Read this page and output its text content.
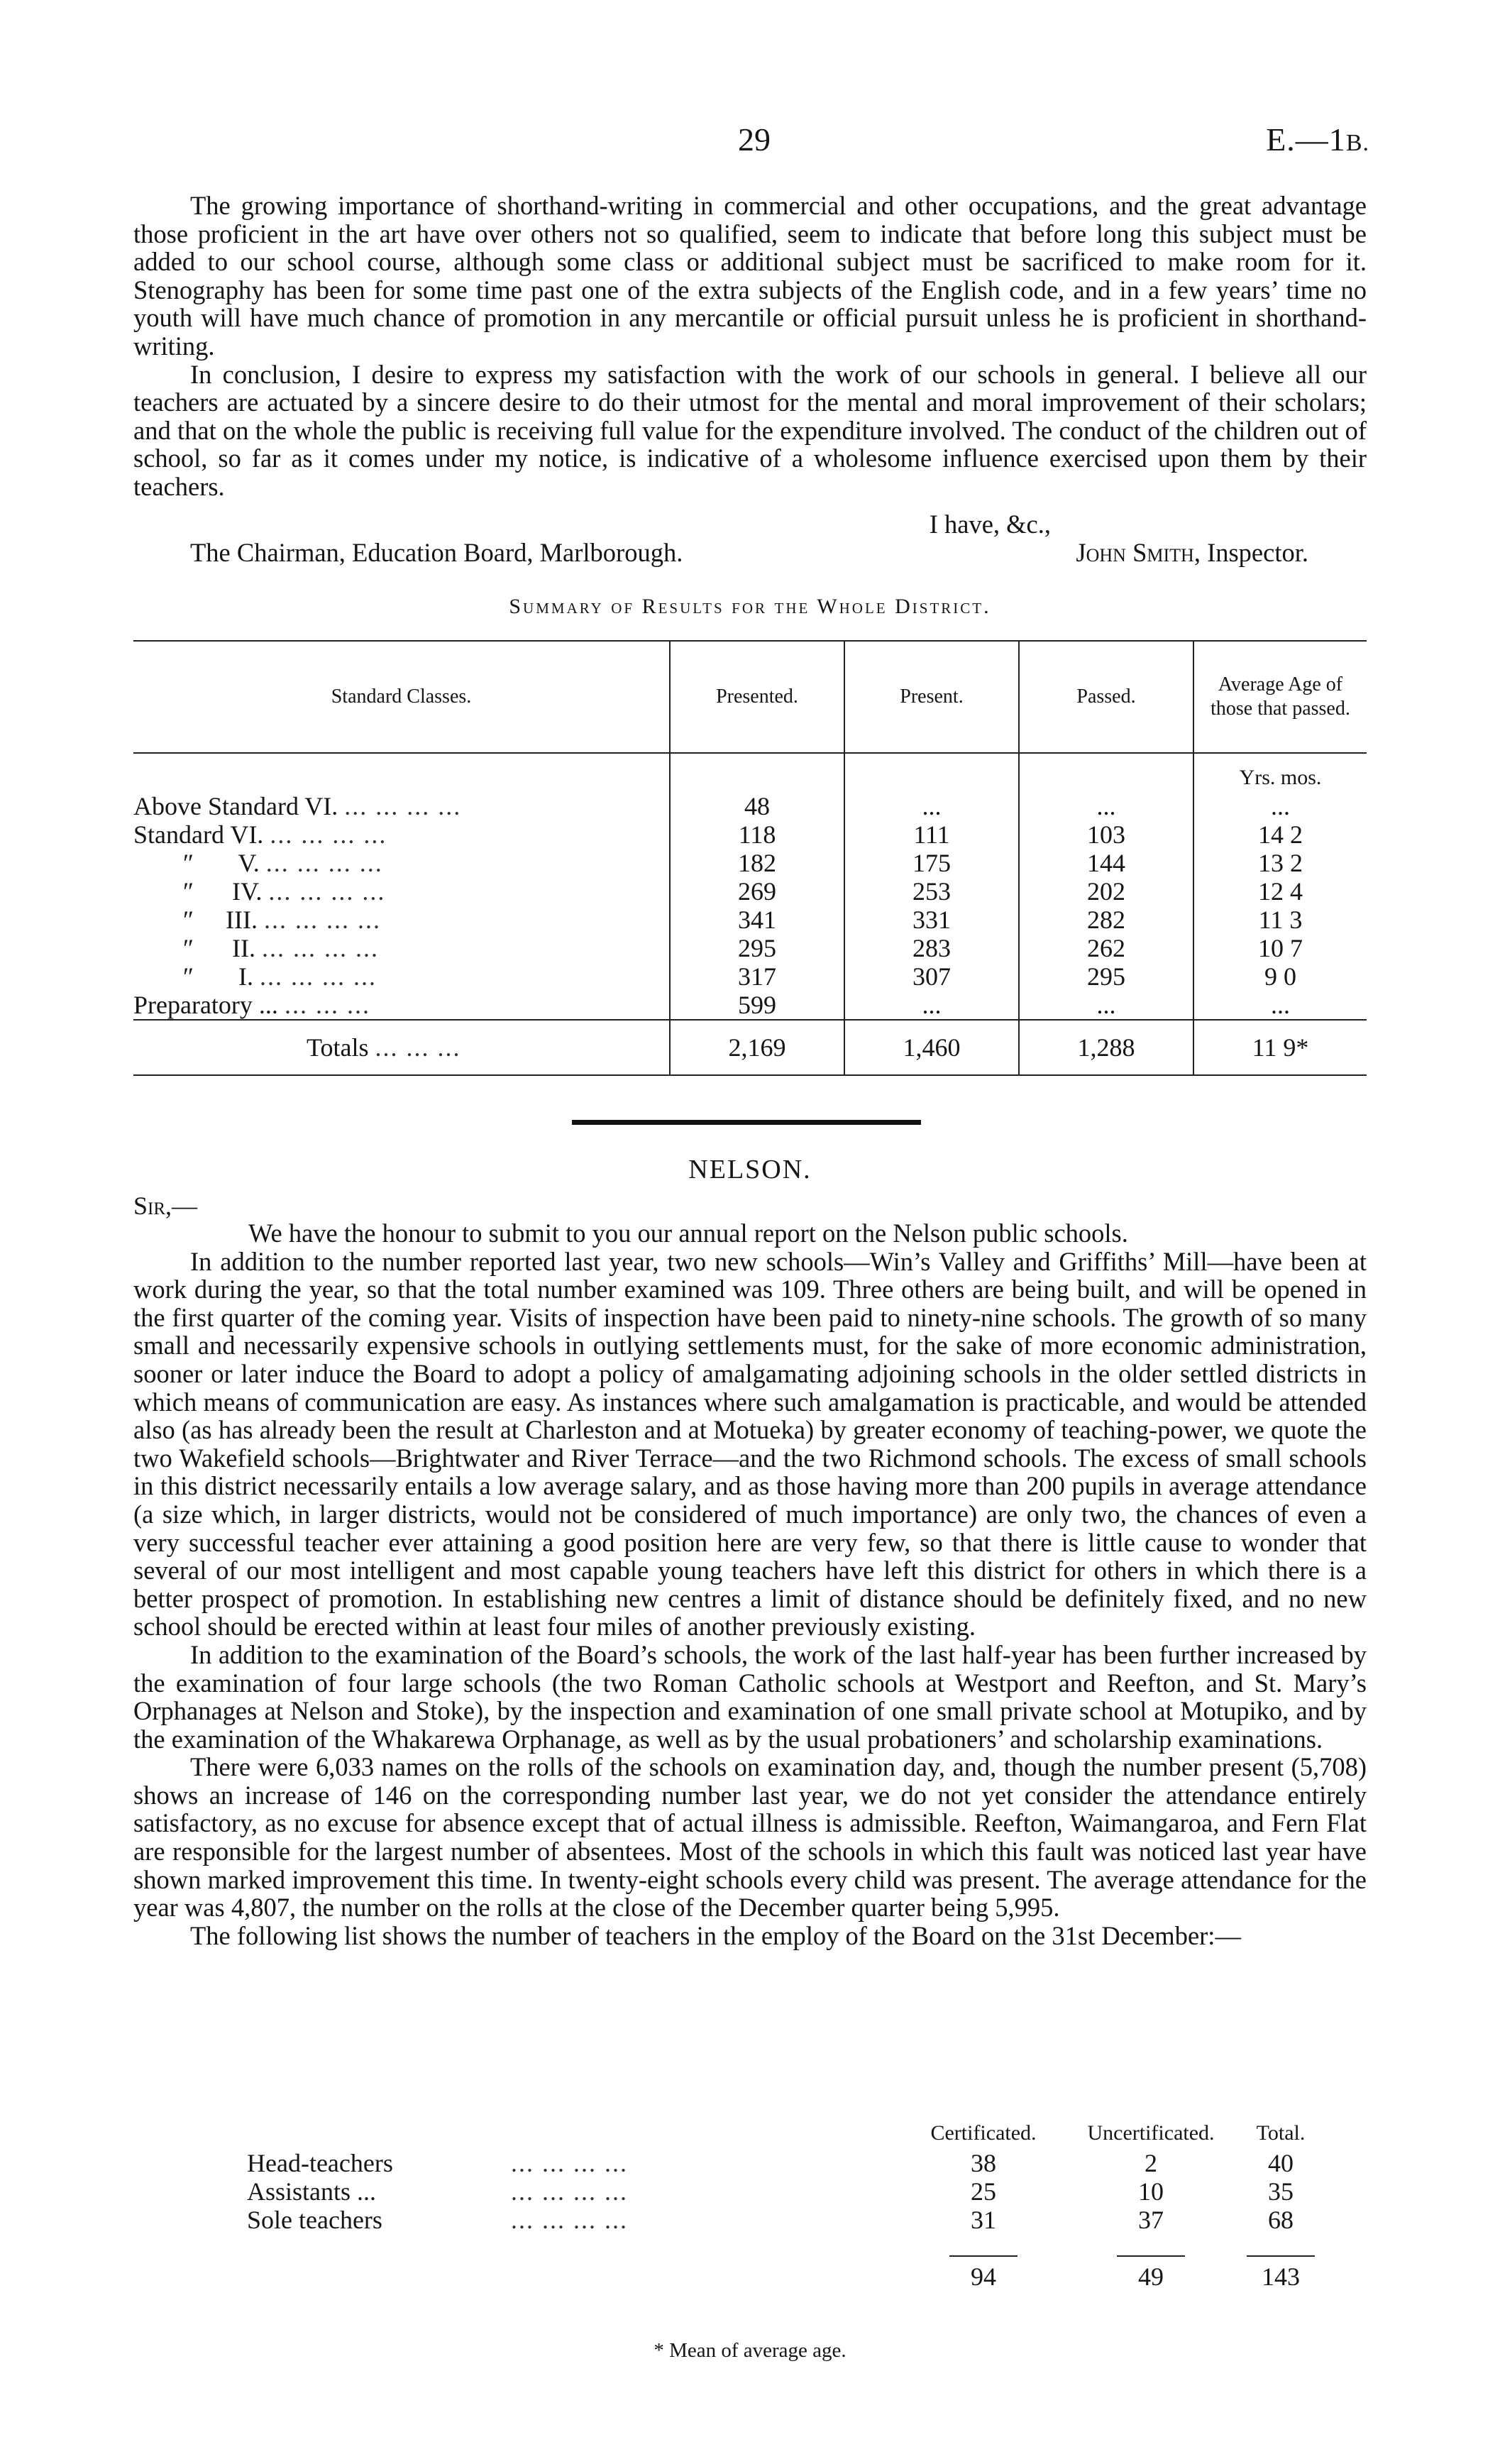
29	E.—1B.

The growing importance of shorthand-writing in commercial and other occupations, and the great advantage those proficient in the art have over others not so qualified, seem to indicate that before long this subject must be added to our school course, although some class or additional subject must be sacrificed to make room for it. Stenography has been for some time past one of the extra subjects of the English code, and in a few years’ time no youth will have much chance of promotion in any mercantile or official pursuit unless he is proficient in shorthand-writing.

In conclusion, I desire to express my satisfaction with the work of our schools in general. I believe all our teachers are actuated by a sincere desire to do their utmost for the mental and moral improvement of their scholars; and that on the whole the public is receiving full value for the expenditure involved. The conduct of the children out of school, so far as it comes under my notice, is indicative of a wholesome influence exercised upon them by their teachers.

I have, &c.,
The Chairman, Education Board, Marlborough.	John Smith, Inspector.
Summary of Results for the Whole District.
Standard Classes.	Presented.	Present.	Passed.	Average Age of those that passed.
				Yrs. mos.
Above Standard VI. ... ... ... ...	48	...	...	...
Standard VI. ... ... ... ...	118	111	103	14 2
″       V. ... ... ... ...	182	175	144	13 2
″      IV. ... ... ... ...	269	253	202	12 4
″     III. ... ... ... ...	341	331	282	11 3
″      II. ... ... ... ...	295	283	262	10 7
″       I. ... ... ... ...	317	307	295	9 0
Preparatory ... ... ... ...	599	...	...	...
Totals ... ... ...	2,169	1,460	1,288	11 9*
NELSON.
Sir,—

We have the honour to submit to you our annual report on the Nelson public schools.

In addition to the number reported last year, two new schools—Win’s Valley and Griffiths’ Mill—have been at work during the year, so that the total number examined was 109. Three others are being built, and will be opened in the first quarter of the coming year. Visits of inspection have been paid to ninety-nine schools. The growth of so many small and necessarily expensive schools in outlying settlements must, for the sake of more economic administration, sooner or later induce the Board to adopt a policy of amalgamating adjoining schools in the older settled districts in which means of communication are easy. As instances where such amalgamation is practicable, and would be attended also (as has already been the result at Charleston and at Motueka) by greater economy of teaching-power, we quote the two Wakefield schools—Brightwater and River Terrace—and the two Richmond schools. The excess of small schools in this district necessarily entails a low average salary, and as those having more than 200 pupils in average attendance (a size which, in larger districts, would not be considered of much importance) are only two, the chances of even a very successful teacher ever attaining a good position here are very few, so that there is little cause to wonder that several of our most intelligent and most capable young teachers have left this district for others in which there is a better prospect of promotion. In establishing new centres a limit of distance should be definitely fixed, and no new school should be erected within at least four miles of another previously existing.

In addition to the examination of the Board’s schools, the work of the last half-year has been further increased by the examination of four large schools (the two Roman Catholic schools at Westport and Reefton, and St. Mary’s Orphanages at Nelson and Stoke), by the inspection and examination of one small private school at Motupiko, and by the examination of the Whakarewa Orphanage, as well as by the usual probationers’ and scholarship examinations.

There were 6,033 names on the rolls of the schools on examination day, and, though the number present (5,708) shows an increase of 146 on the corresponding number last year, we do not yet consider the attendance entirely satisfactory, as no excuse for absence except that of actual illness is admissible. Reefton, Waimangaroa, and Fern Flat are responsible for the largest number of absentees. Most of the schools in which this fault was noticed last year have shown marked improvement this time. In twenty-eight schools every child was present. The average attendance for the year was 4,807, the number on the rolls at the close of the December quarter being 5,995.

The following list shows the number of teachers in the employ of the Board on the 31st December:—

	Certificated.	Uncertificated.	Total.
Head-teachers ... ... ... ...	38	2	40
Assistants ... ... ... ... ...	25	10	35
Sole teachers ... ... ... ...	31	37	68

	94	49	143
* Mean of average age.
